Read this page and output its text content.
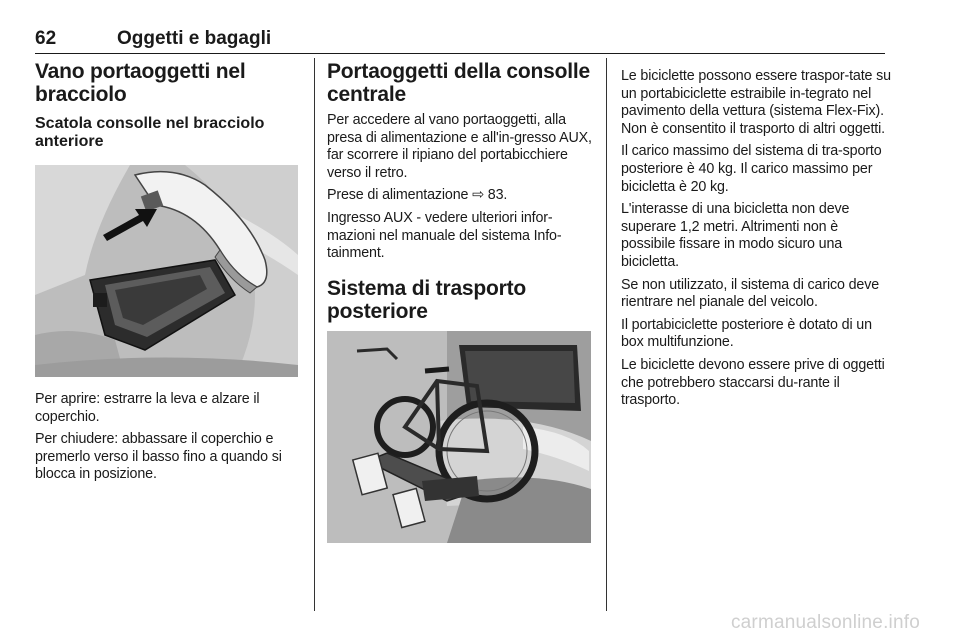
62	Oggetti e bagagli
Vano portaoggetti nel bracciolo
Scatola consolle nel bracciolo anteriore

Per aprire: estrarre la leva e alzare il coperchio.

Per chiudere: abbassare il coperchio e premerlo verso il basso fino a quando si blocca in posizione.

Portaoggetti della consolle centrale

Per accedere al vano portaoggetti, alla presa di alimentazione e all'in-gresso AUX, far scorrere il ripiano del portabicchiere verso il retro.

Prese di alimentazione ⇨ 83.

Ingresso AUX - vedere ulteriori infor-mazioni nel manuale del sistema Info-tainment.

Sistema di trasporto posteriore

Le biciclette possono essere traspor-tate su un portabiciclette estraibile in-tegrato nel pavimento della vettura (sistema Flex-Fix). Non è consentito il trasporto di altri oggetti.

Il carico massimo del sistema di tra-sporto posteriore è 40 kg. Il carico massimo per bicicletta è 20 kg.

L'interasse di una bicicletta non deve superare 1,2 metri. Altrimenti non è possibile fissare in modo sicuro una bicicletta.

Se non utilizzato, il sistema di carico deve rientrare nel pianale del veicolo.

Il portabiciclette posteriore è dotato di un box multifunzione.

Le biciclette devono essere prive di oggetti che potrebbero staccarsi du-rante il trasporto.

carmanualsonline.info
